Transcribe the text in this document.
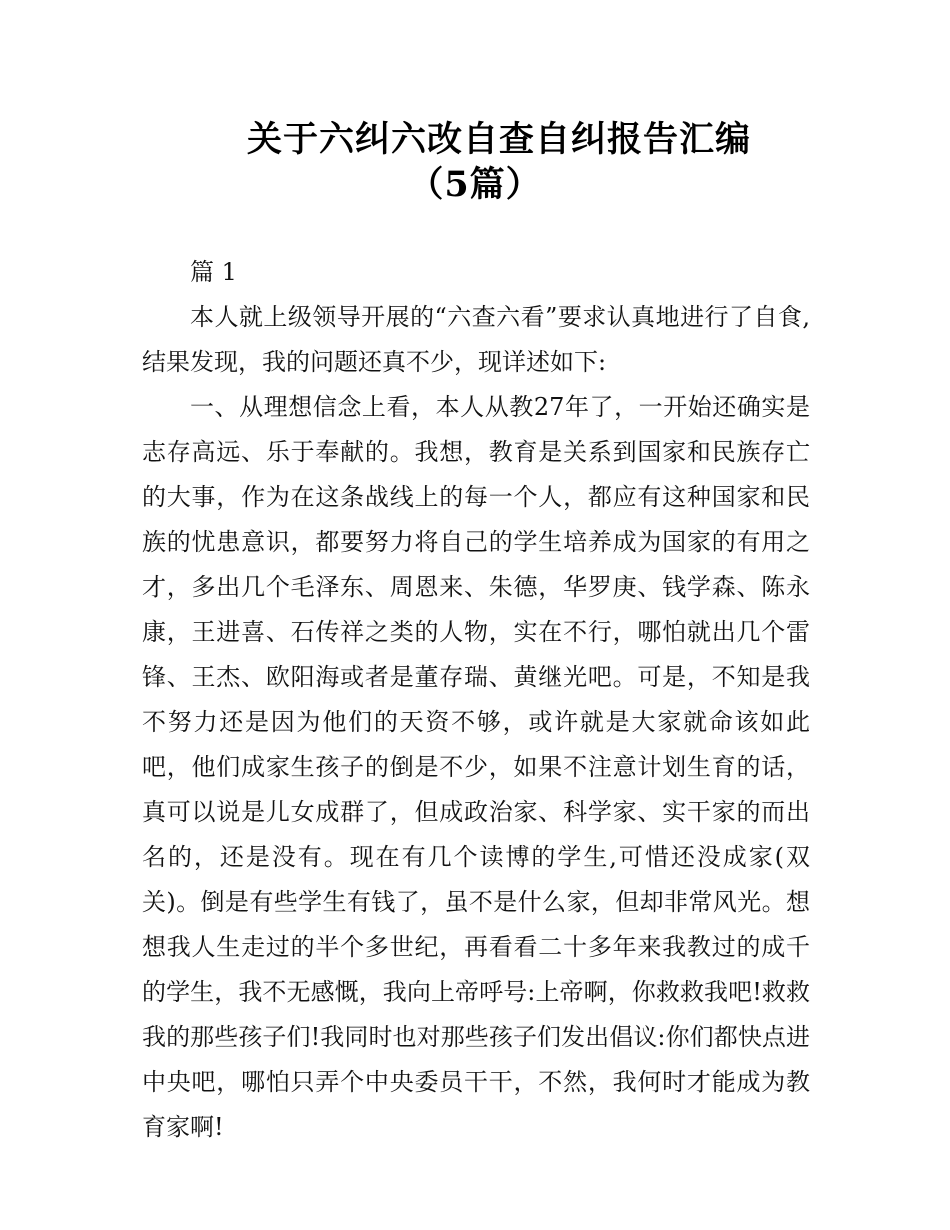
关于六纠六改自查自纠报告汇编
（5篇）

篇 1

本人就上级领导开展的“六查六看”要求认真地进行了自食,结果发现，我的问题还真不少，现详述如下:

一、从理想信念上看，本人从教27年了，一开始还确实是志存高远、乐于奉献的。我想，教育是关系到国家和民族存亡的大事，作为在这条战线上的每一个人，都应有这种国家和民族的忧患意识，都要努力将自己的学生培养成为国家的有用之才，多出几个毛泽东、周恩来、朱德，华罗庚、钱学森、陈永康，王进喜、石传祥之类的人物，实在不行，哪怕就出几个雷锋、王杰、欧阳海或者是董存瑞、黄继光吧。可是，不知是我不努力还是因为他们的天资不够，或许就是大家就命该如此吧，他们成家生孩子的倒是不少，如果不注意计划生育的话，真可以说是儿女成群了，但成政治家、科学家、实干家的而出名的，还是没有。现在有几个读博的学生,可惜还没成家(双关)。倒是有些学生有钱了，虽不是什么家，但却非常风光。想想我人生走过的半个多世纪，再看看二十多年来我教过的成千的学生，我不无感慨，我向上帝呼号:上帝啊，你救救我吧!救救我的那些孩子们!我同时也对那些孩子们发出倡议:你们都快点进中央吧，哪怕只弄个中央委员干干，不然，我何时才能成为教育家啊!
